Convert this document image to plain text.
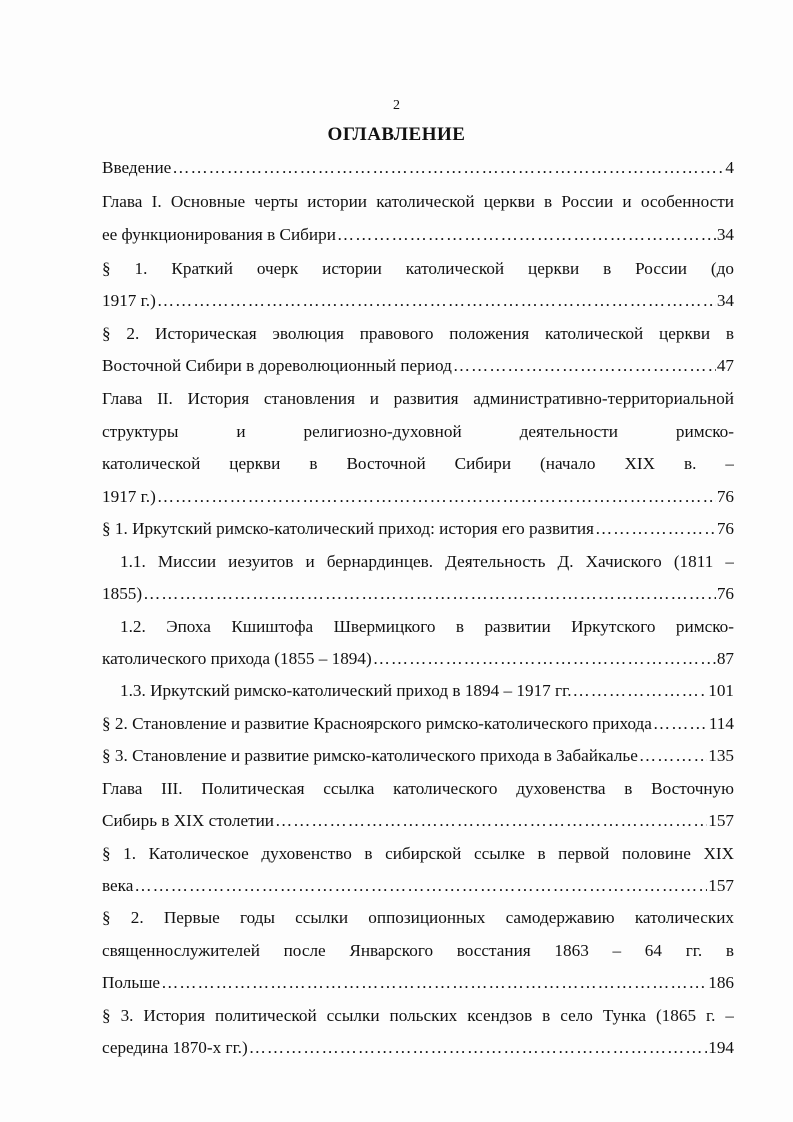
2
ОГЛАВЛЕНИЕ
Введение ……………………………………………………………………………………………………………………………………………………	4
Глава I. Основные черты истории католической церкви в России и особенности
ее функционирования в Сибири ……………………………………………………………………………………………………………………………………………………	34
§ 1. Краткий очерк истории католической церкви в России (до
1917 г.) ……………………………………………………………………………………………………………………………………………………	34
§ 2. Историческая эволюция правового положения католической церкви в
Восточной Сибири в дореволюционный период ……………………………………………………………………………………………………………………………………………………	47
Глава II. История становления и развития административно-территориальной
структуры и религиозно-духовной деятельности римско-
католической церкви в Восточной Сибири (начало XIX в. –
1917 г.) ……………………………………………………………………………………………………………………………………………………	76
§ 1. Иркутский римско-католический приход: история его развития ……………………………………………………………………………………………………………………………………………………	76
1.1. Миссии иезуитов и бернардинцев. Деятельность Д. Хачиского (1811 –
1855) ……………………………………………………………………………………………………………………………………………………	76
1.2. Эпоха Кшиштофа Швермицкого в развитии Иркутского римско-
католического прихода (1855 – 1894) ……………………………………………………………………………………………………………………………………………………	87
1.3. Иркутский римско-католический приход в 1894 – 1917 гг. ……………………………………………………………………………………………………………………………………………………	101
§ 2. Становление и развитие Красноярского римско-католического прихода ……………………………………………………………………………………………………………………………………………………	114
§ 3. Становление и развитие римско-католического прихода в Забайкалье ……………………………………………………………………………………………………………………………………………………	135
Глава III. Политическая ссылка католического духовенства в Восточную
Сибирь в XIX столетии ……………………………………………………………………………………………………………………………………………………	157
§ 1. Католическое духовенство в сибирской ссылке в первой половине XIX
века ……………………………………………………………………………………………………………………………………………………	157
§ 2. Первые годы ссылки оппозиционных самодержавию католических
священнослужителей после Январского восстания 1863 – 64 гг. в
Польше ……………………………………………………………………………………………………………………………………………………	186
§ 3. История политической ссылки польских ксендзов в село Тунка (1865 г. –
середина 1870-х гг.) ……………………………………………………………………………………………………………………………………………………	194
